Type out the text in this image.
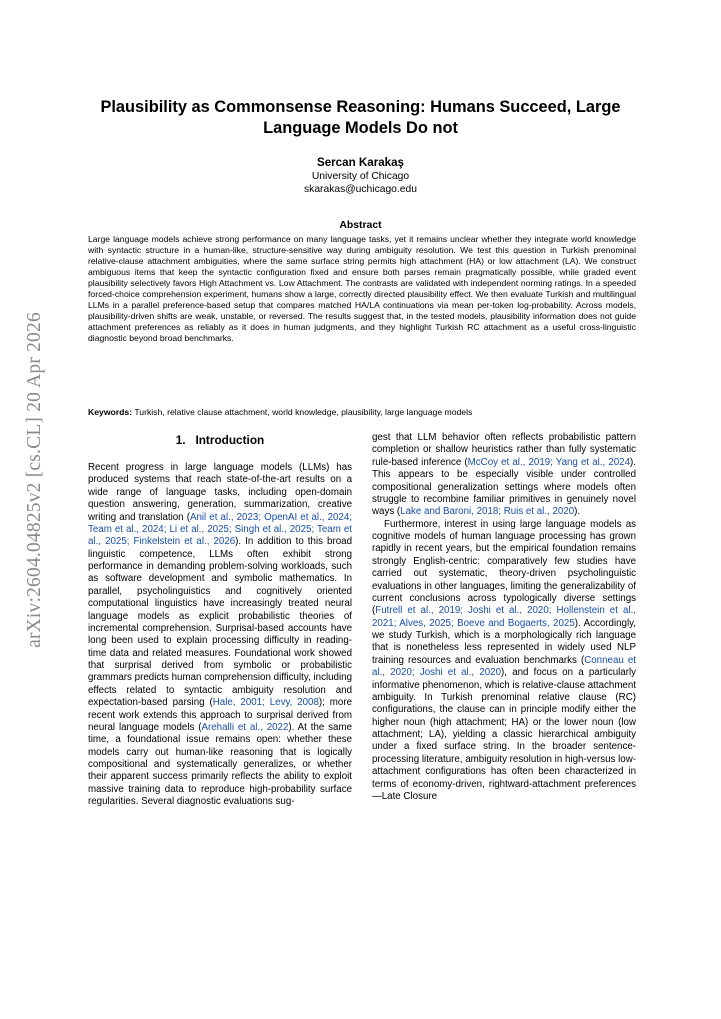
arXiv:2604.04825v2 [cs.CL] 20 Apr 2026
Plausibility as Commonsense Reasoning: Humans Succeed, Large Language Models Do not
Sercan Karakaş
University of Chicago
skarakas@uchicago.edu
Abstract

Large language models achieve strong performance on many language tasks, yet it remains unclear whether they integrate world knowledge with syntactic structure in a human-like, structure-sensitive way during ambiguity resolution. We test this question in Turkish prenominal relative-clause attachment ambiguities, where the same surface string permits high attachment (HA) or low attachment (LA). We construct ambiguous items that keep the syntactic configuration fixed and ensure both parses remain pragmatically possible, while graded event plausibility selectively favors High Attachment vs. Low Attachment. The contrasts are validated with independent norming ratings. In a speeded forced-choice comprehension experiment, humans show a large, correctly directed plausibility effect. We then evaluate Turkish and multilingual LLMs in a parallel preference-based setup that compares matched HA/LA continuations via mean per-token log-probability. Across models, plausibility-driven shifts are weak, unstable, or reversed. The results suggest that, in the tested models, plausibility information does not guide attachment preferences as reliably as it does in human judgments, and they highlight Turkish RC attachment as a useful cross-linguistic diagnostic beyond broad benchmarks.

Keywords: Turkish, relative clause attachment, world knowledge, plausibility, large language models

1. Introduction

Recent progress in large language models (LLMs) has produced systems that reach state-of-the-art results on a wide range of language tasks, including open-domain question answering, generation, summarization, creative writing and translation (Anil et al., 2023; OpenAI et al., 2024; Team et al., 2024; Li et al., 2025; Singh et al., 2025; Team et al., 2025; Finkelstein et al., 2026). In addition to this broad linguistic competence, LLMs often exhibit strong performance in demanding problem-solving workloads, such as software development and symbolic mathematics. In parallel, psycholinguistics and cognitively oriented computational linguistics have increasingly treated neural language models as explicit probabilistic theories of incremental comprehension. Surprisal-based accounts have long been used to explain processing difficulty in reading-time data and related measures. Foundational work showed that surprisal derived from symbolic or probabilistic grammars predicts human comprehension difficulty, including effects related to syntactic ambiguity resolution and expectation-based parsing (Hale, 2001; Levy, 2008); more recent work extends this approach to surprisal derived from neural language models (Arehalli et al., 2022). At the same time, a foundational issue remains open: whether these models carry out human-like reasoning that is logically compositional and systematically generalizes, or whether their apparent success primarily reflects the ability to exploit massive training data to reproduce high-probability surface regularities. Several diagnostic evaluations sug-

gest that LLM behavior often reflects probabilistic pattern completion or shallow heuristics rather than fully systematic rule-based inference (McCoy et al., 2019; Yang et al., 2024). This appears to be especially visible under controlled compositional generalization settings where models often struggle to recombine familiar primitives in genuinely novel ways (Lake and Baroni, 2018; Ruis et al., 2020).

Furthermore, interest in using large language models as cognitive models of human language processing has grown rapidly in recent years, but the empirical foundation remains strongly English-centric: comparatively few studies have carried out systematic, theory-driven psycholinguistic evaluations in other languages, limiting the generalizability of current conclusions across typologically diverse settings (Futrell et al., 2019; Joshi et al., 2020; Hollenstein et al., 2021; Alves, 2025; Boeve and Bogaerts, 2025). Accordingly, we study Turkish, which is a morphologically rich language that is nonetheless less represented in widely used NLP training resources and evaluation benchmarks (Conneau et al., 2020; Joshi et al., 2020), and focus on a particularly informative phenomenon, which is relative-clause attachment ambiguity. In Turkish prenominal relative clause (RC) configurations, the clause can in principle modify either the higher noun (high attachment; HA) or the lower noun (low attachment; LA), yielding a classic hierarchical ambiguity under a fixed surface string. In the broader sentence-processing literature, ambiguity resolution in high-versus low-attachment configurations has often been characterized in terms of economy-driven, rightward-attachment preferences—Late Closure
